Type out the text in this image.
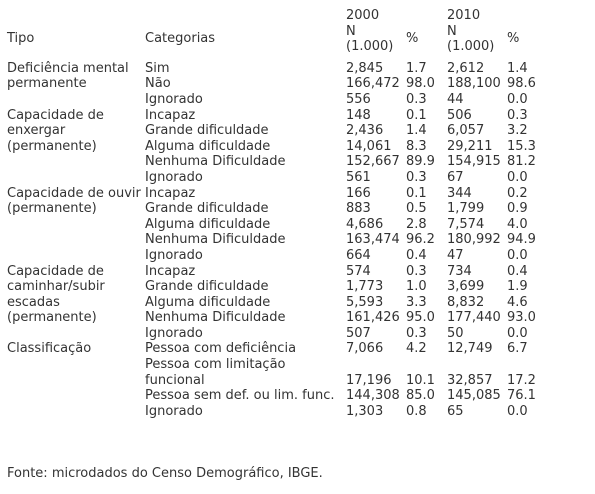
		2000		2010	
Tipo	Categorias	N	%	N	%
		(1.000)		(1.000)	

Deficiência mental permanente	Sim	2,845	1.7	2,612	1.4
	Não	166,472	98.0	188,100	98.6
	Ignorado	556	0.3	44	0.0
Capacidade de enxergar (permanente)	Incapaz	148	0.1	506	0.3
	Grande dificuldade	2,436	1.4	6,057	3.2
	Alguma dificuldade	14,061	8.3	29,211	15.3
	Nenhuma Dificuldade	152,667	89.9	154,915	81.2
	Ignorado	561	0.3	67	0.0
Capacidade de ouvir (permanente)	Incapaz	166	0.1	344	0.2
	Grande dificuldade	883	0.5	1,799	0.9
	Alguma dificuldade	4,686	2.8	7,574	4.0
	Nenhuma Dificuldade	163,474	96.2	180,992	94.9
	Ignorado	664	0.4	47	0.0
Capacidade de caminhar/subir escadas (permanente)	Incapaz	574	0.3	734	0.4
	Grande dificuldade	1,773	1.0	3,699	1.9
	Alguma dificuldade	5,593	3.3	8,832	4.6
	Nenhuma Dificuldade	161,426	95.0	177,440	93.0
	Ignorado	507	0.3	50	0.0
Classificação	Pessoa com deficiência	7,066	4.2	12,749	6.7
	Pessoa com limitação funcional	17,196	10.1	32,857	17.2
	Pessoa sem def. ou lim. func.	144,308	85.0	145,085	76.1
	Ignorado	1,303	0.8	65	0.0
Fonte: microdados do Censo Demográfico, IBGE.
